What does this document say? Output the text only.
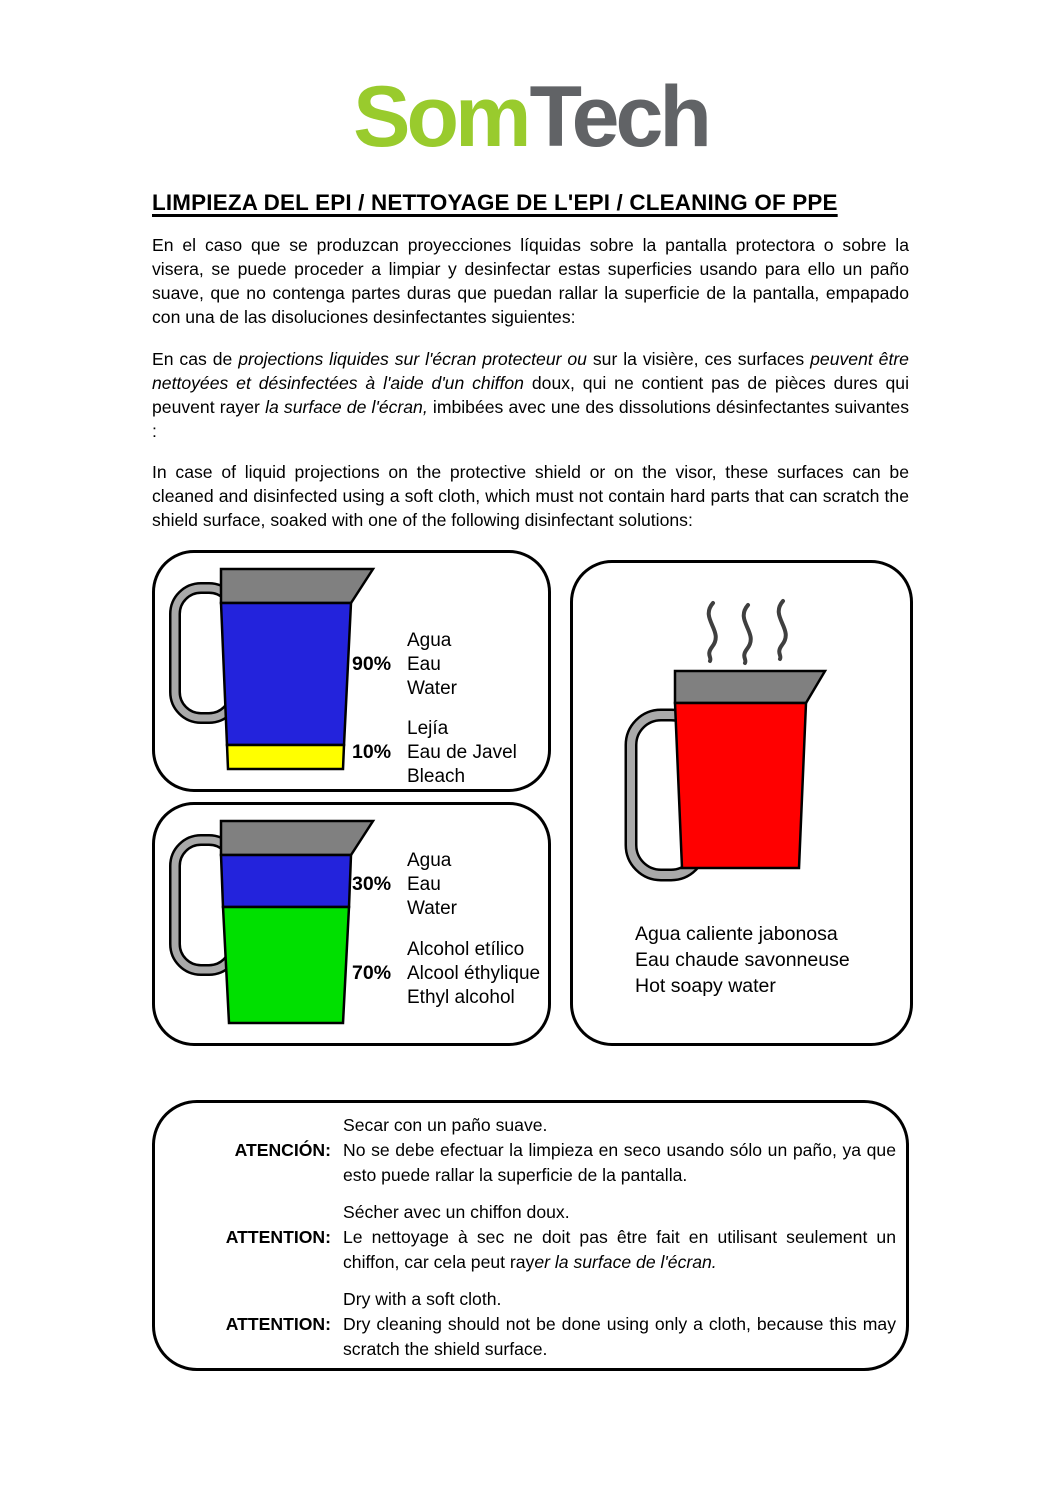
SomTech
LIMPIEZA DEL EPI / NETTOYAGE DE L'EPI / CLEANING OF PPE

En el caso que se produzcan proyecciones líquidas sobre la pantalla protectora o sobre la visera, se puede proceder a limpiar y desinfectar estas superficies usando para ello un paño suave, que no contenga partes duras que puedan rallar la superficie de la pantalla, empapado con una de las disoluciones desinfectantes siguientes:

En cas de projections liquides sur l'écran protecteur ou sur la visière, ces surfaces peuvent être nettoyées et désinfectées à l'aide d'un chiffon doux, qui ne contient pas de pièces dures qui peuvent rayer la surface de l'écran, imbibées avec une des dissolutions désinfectantes suivantes :

In case of liquid projections on the protective shield or on the visor, these surfaces can be cleaned and disinfected using a soft cloth, which must not contain hard parts that can scratch the shield surface, soaked with one of the following disinfectant solutions:

90%
Agua
Eau
Water
10%
Lejía
Eau de Javel
Bleach
30%
Agua
Eau
Water
70%
Alcohol etílico
Alcool éthylique
Ethyl alcohol
Agua caliente jabonosa
Eau chaude savonneuse
Hot soapy water
ATENCIÓN:
Secar con un paño suave.
No se debe efectuar la limpieza en seco usando sólo un paño, ya que esto puede rallar la superficie de la pantalla.
ATTENTION:
Sécher avec un chiffon doux.
Le nettoyage à sec ne doit pas être fait en utilisant seulement un chiffon, car cela peut rayer la surface de l'écran.
ATTENTION:
Dry with a soft cloth.
Dry cleaning should not be done using only a cloth, because this may scratch the shield surface.
